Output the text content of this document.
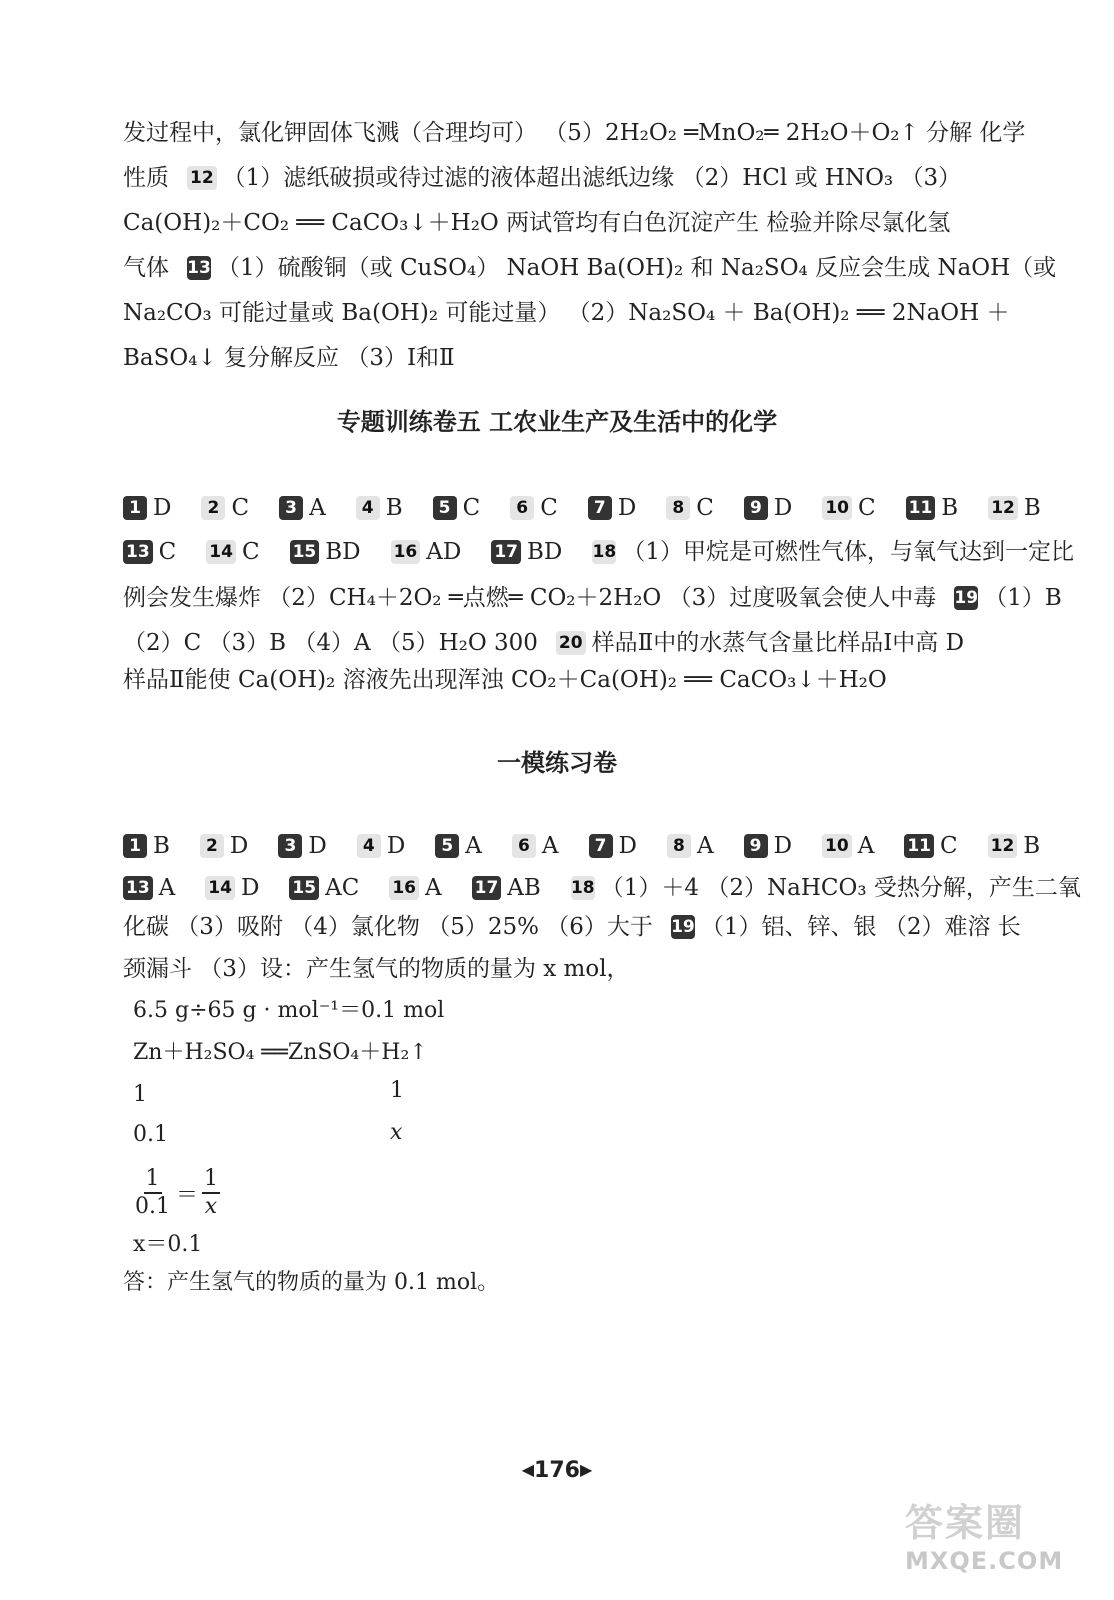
发过程中，氯化钾固体飞溅（合理均可） （5）2H₂O₂ ═MnO₂═ 2H₂O＋O₂↑ 分解 化学
性质 12 （1）滤纸破损或待过滤的液体超出滤纸边缘 （2）HCl 或 HNO₃ （3）
Ca(OH)₂＋CO₂ ══ CaCO₃↓＋H₂O 两试管均有白色沉淀产生 检验并除尽氯化氢
气体 13 （1）硫酸铜（或 CuSO₄） NaOH Ba(OH)₂ 和 Na₂SO₄ 反应会生成 NaOH（或
Na₂CO₃ 可能过量或 Ba(OH)₂ 可能过量） （2）Na₂SO₄ ＋ Ba(OH)₂ ══ 2NaOH ＋
BaSO₄↓ 复分解反应 （3）Ⅰ和Ⅱ
专题训练卷五 工农业生产及生活中的化学
1 D	2 C	3 A	4 B	5 C	6 C	7 D	8 C	9 D 10 C 11 B 12 B
13 C 14 C 15 BD 16 AD 17 BD 18 （1）甲烷是可燃性气体，与氧气达到一定比
例会发生爆炸 （2）CH₄＋2O₂ ═点燃═ CO₂＋2H₂O （3）过度吸氧会使人中毒 19 （1）B
（2）C （3）B （4）A （5）H₂O 300 20 样品Ⅱ中的水蒸气含量比样品Ⅰ中高 D
样品Ⅱ能使 Ca(OH)₂ 溶液先出现浑浊 CO₂＋Ca(OH)₂ ══ CaCO₃↓＋H₂O
一模练习卷
1 B	2 D	3 D	4 D	5 A	6 A	7 D	8 A	9 D 10 A 11 C 12 B
13 A 14 D 15 AC 16 A 17 AB 18 （1）＋4 （2）NaHCO₃ 受热分解，产生二氧
化碳 （3）吸附 （4）氯化物 （5）25% （6）大于 19 （1）铝、锌、银 （2）难溶 长
颈漏斗 （3）设：产生氢气的物质的量为 x mol，
6.5 g÷65 g · mol⁻¹＝0.1 mol
Zn＋H₂SO₄ ══ZnSO₄＋H₂↑
1	1
0.1	x
$\frac{1}{0.1} = \frac{1}{x}$
x＝0.1
答：产生氢气的物质的量为 0.1 mol。
◀176▶
答案圈
MXQE.COM
